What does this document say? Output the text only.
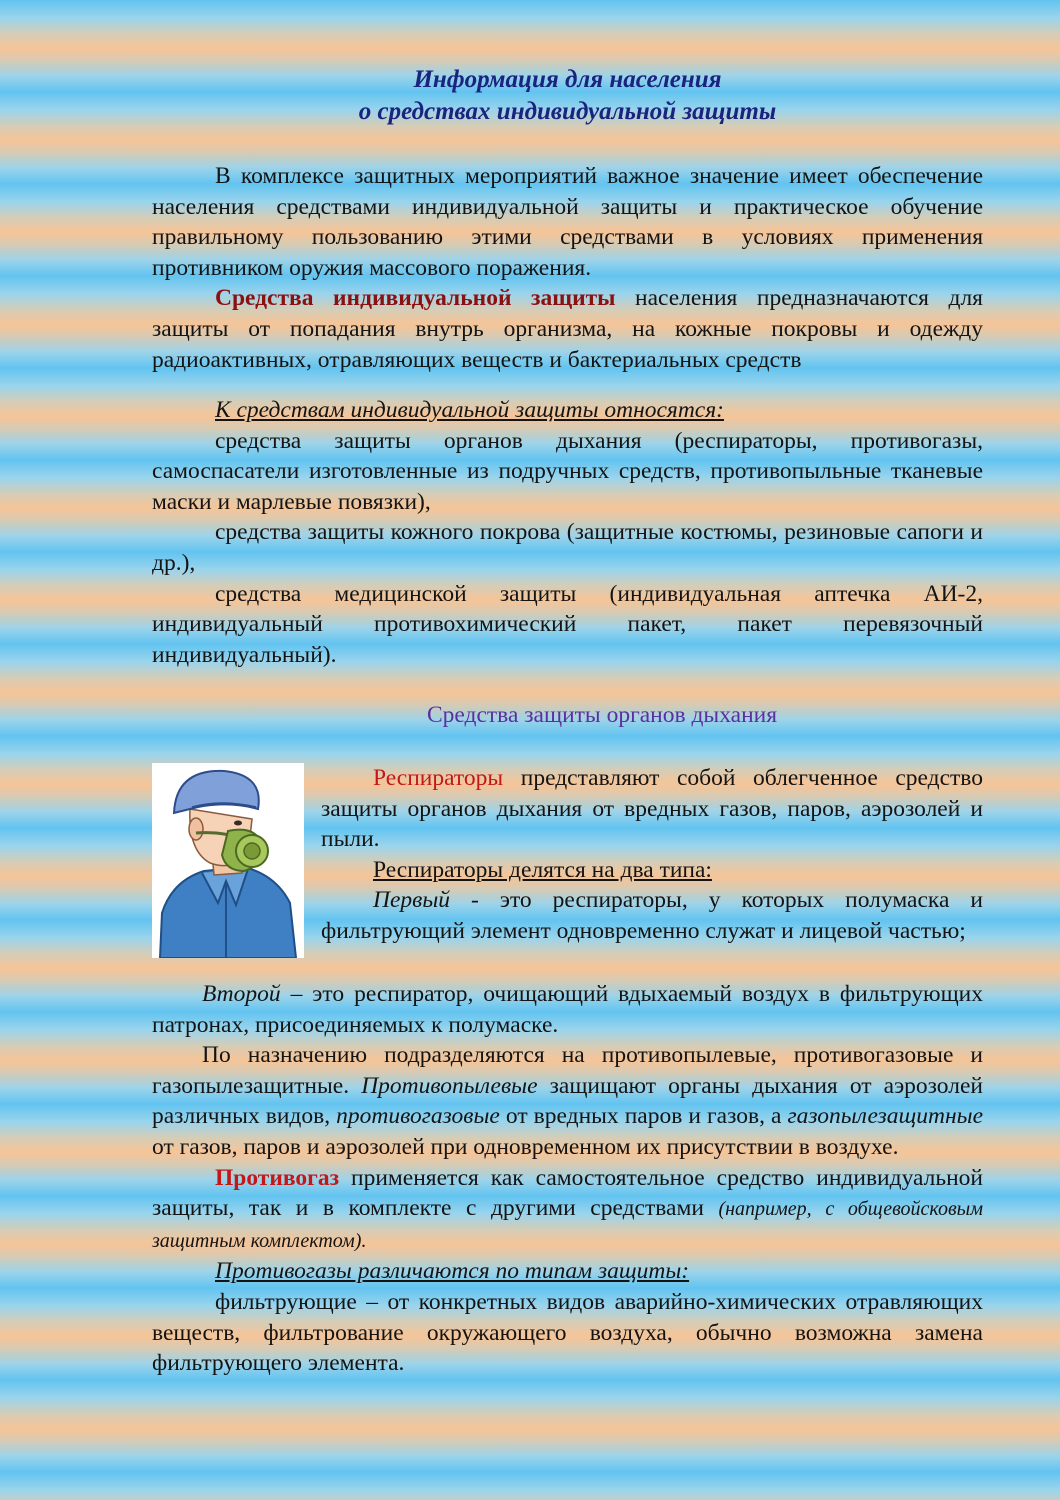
Информация для населения
о средствах индивидуальной защиты

В комплексе защитных мероприятий важное значение имеет обеспечение населения средствами индивидуальной защиты и практическое обучение правильному пользованию этими средствами в условиях применения противником оружия массового поражения.

Средства индивидуальной защиты населения предназначаются для защиты от попадания внутрь организма, на кожные покровы и одежду радиоактивных, отравляющих веществ и бактериальных средств

К средствам индивидуальной защиты относятся:

средства защиты органов дыхания (респираторы, противогазы, самоспасатели изготовленные из подручных средств, противопыльные тканевые маски и марлевые повязки),

средства защиты кожного покрова (защитные костюмы, резиновые сапоги и др.),

средства медицинской защиты (индивидуальная аптечка АИ-2, индивидуальный противохимический пакет, пакет перевязочный индивидуальный).

Средства защиты органов дыхания

Респираторы представляют собой облегченное средство защиты органов дыхания от вредных газов, паров, аэрозолей и пыли.

Респираторы делятся на два типа:

Первый - это респираторы, у которых полумаска и фильтрующий элемент одновременно служат и лицевой частью;

Второй – это респиратор, очищающий вдыхаемый воздух в фильтрующих патронах, присоединяемых к полумаске.

По назначению подразделяются на противопылевые, противогазовые и газопылезащитные. Противопылевые защищают органы дыхания от аэрозолей различных видов, противогазовые от вредных паров и газов, а газопылезащитные от газов, паров и аэрозолей при одновременном их присутствии в воздухе.

Противогаз применяется как самостоятельное средство индивидуальной защиты, так и в комплекте с другими средствами (например, с общевойсковым защитным комплектом).

Противогазы различаются по типам защиты:

фильтрующие – от конкретных видов аварийно-химических отравляющих веществ, фильтрование окружающего воздуха, обычно возможна замена фильтрующего элемента.
